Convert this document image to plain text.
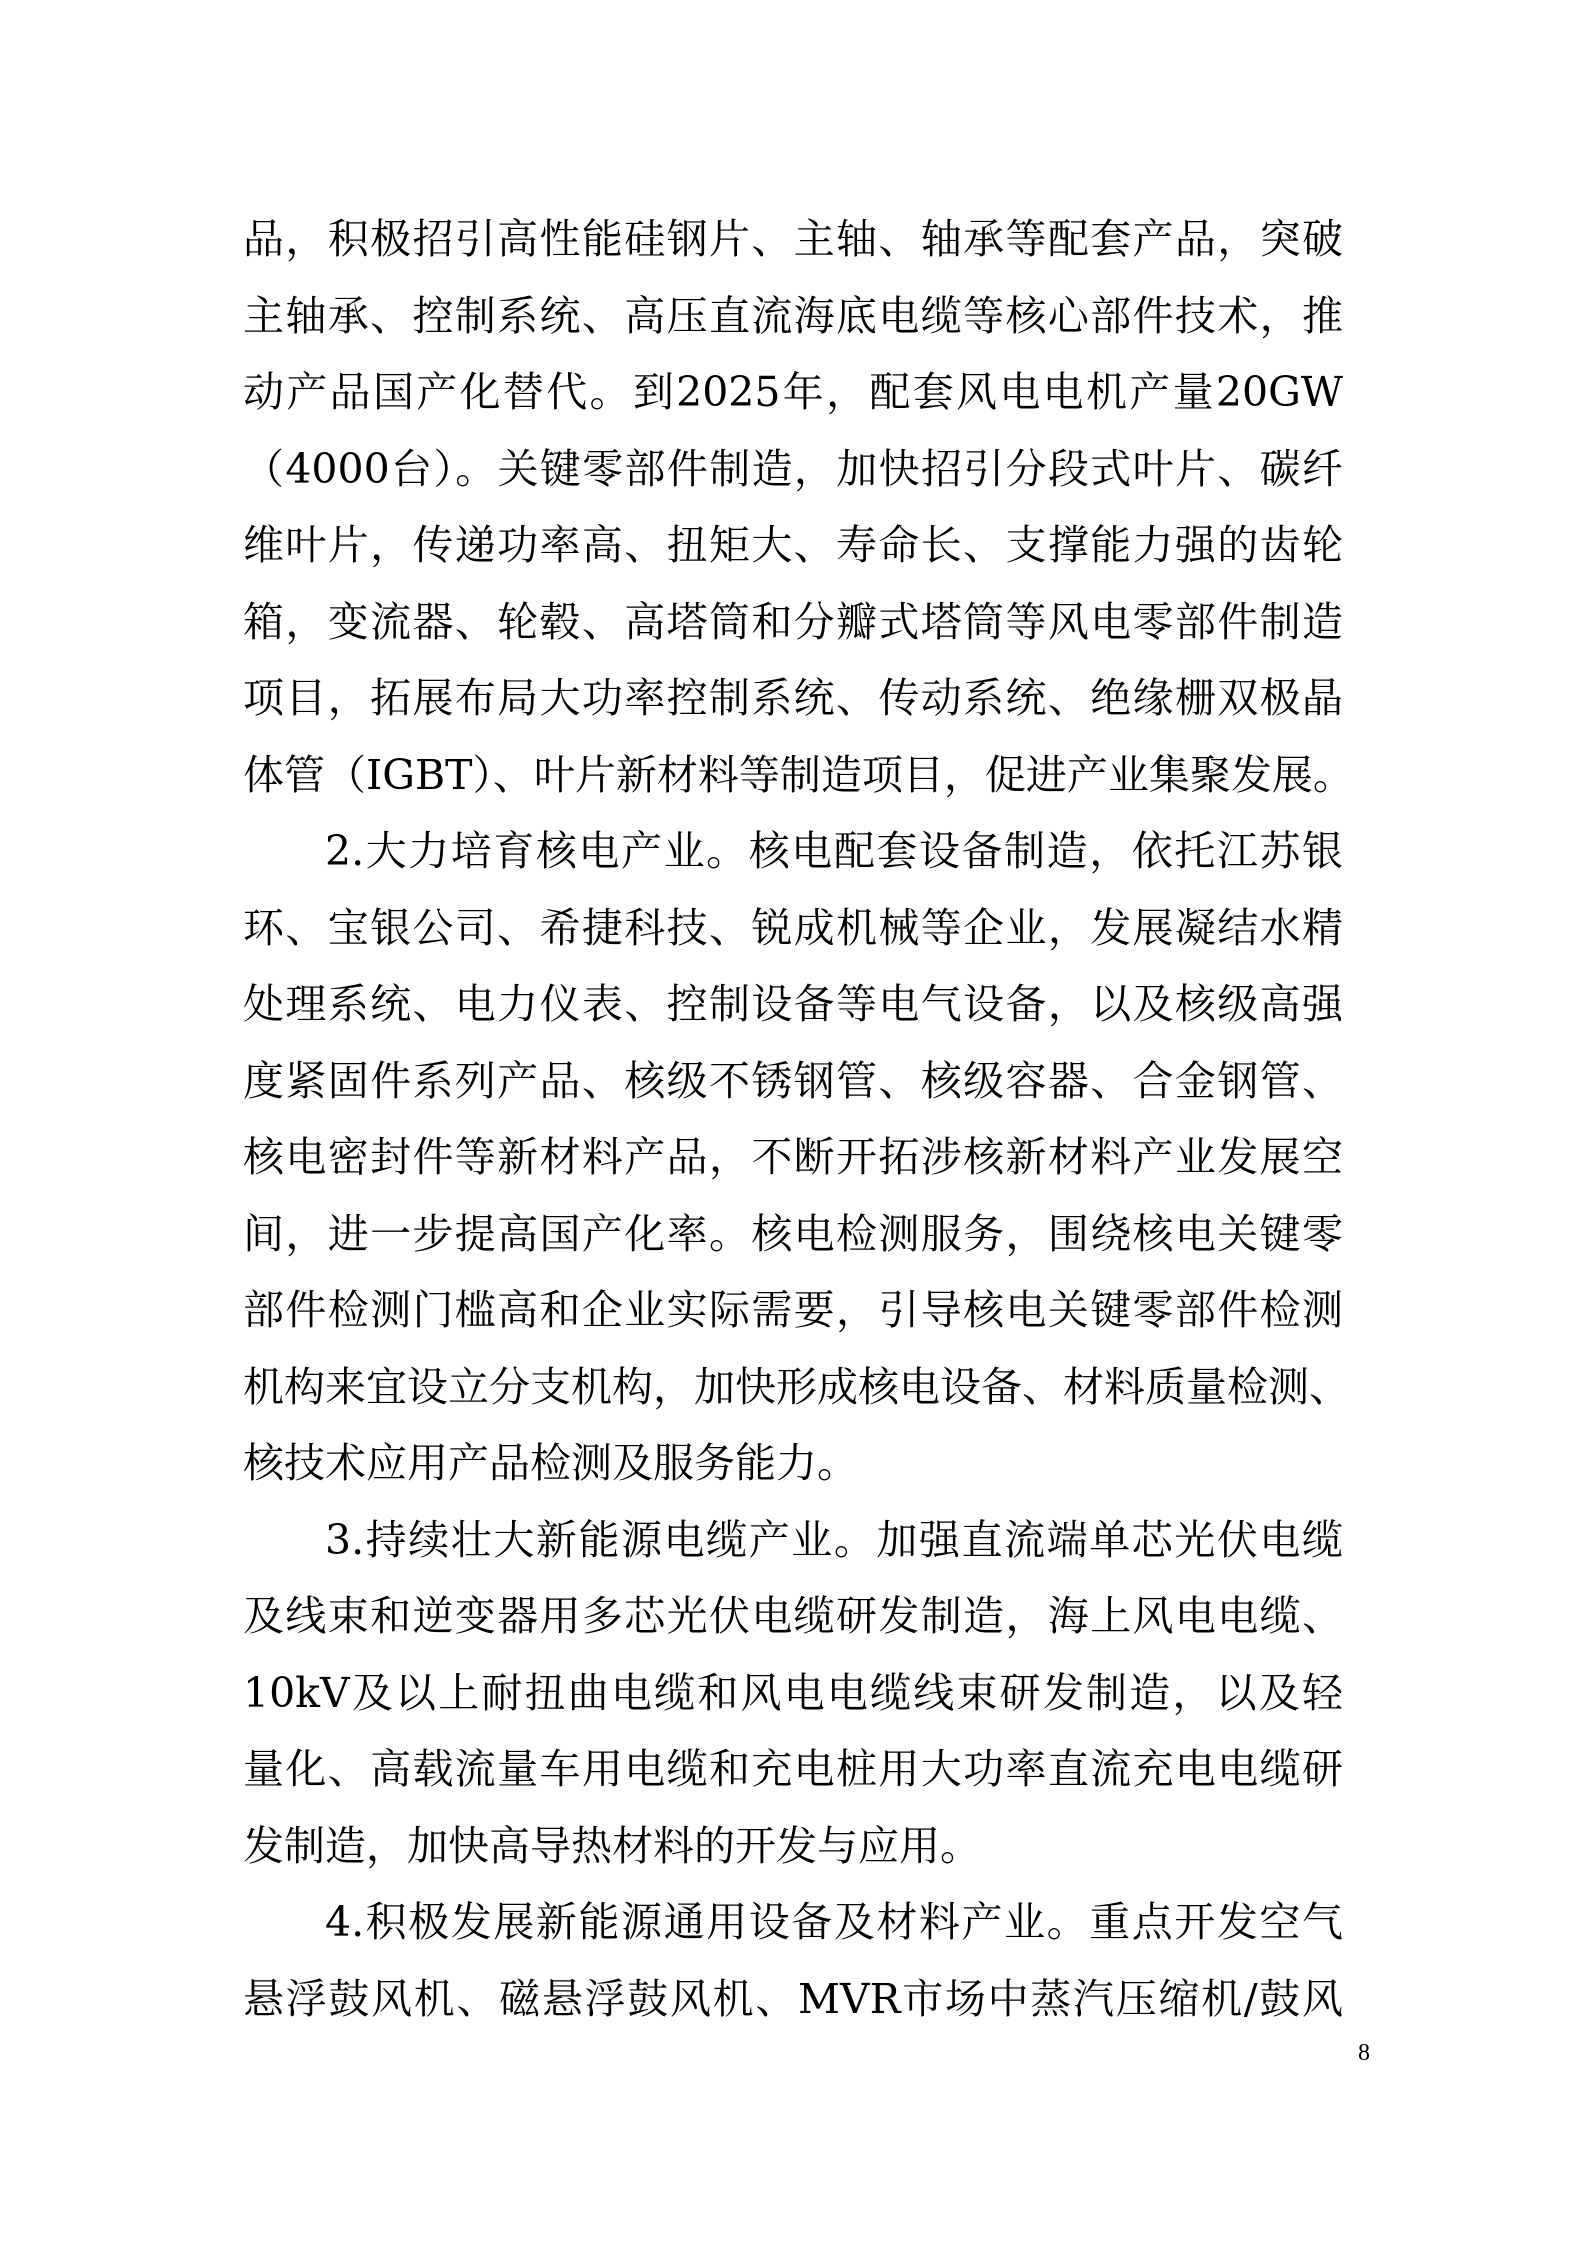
品，积极招引高性能硅钢片、主轴、轴承等配套产品，突破
主轴承、控制系统、高压直流海底电缆等核心部件技术，推
动产品国产化替代。到2025年，配套风电电机产量20GW
（4000台）。关键零部件制造，加快招引分段式叶片、碳纤
维叶片，传递功率高、扭矩大、寿命长、支撑能力强的齿轮
箱，变流器、轮毂、高塔筒和分瓣式塔筒等风电零部件制造
项目，拓展布局大功率控制系统、传动系统、绝缘栅双极晶
体管（IGBT）、叶片新材料等制造项目，促进产业集聚发展。
2.大力培育核电产业。核电配套设备制造，依托江苏银
环、宝银公司、希捷科技、锐成机械等企业，发展凝结水精
处理系统、电力仪表、控制设备等电气设备，以及核级高强
度紧固件系列产品、核级不锈钢管、核级容器、合金钢管、
核电密封件等新材料产品，不断开拓涉核新材料产业发展空
间，进一步提高国产化率。核电检测服务，围绕核电关键零
部件检测门槛高和企业实际需要，引导核电关键零部件检测
机构来宜设立分支机构，加快形成核电设备、材料质量检测、
核技术应用产品检测及服务能力。
3.持续壮大新能源电缆产业。加强直流端单芯光伏电缆
及线束和逆变器用多芯光伏电缆研发制造，海上风电电缆、
10kV及以上耐扭曲电缆和风电电缆线束研发制造，以及轻
量化、高载流量车用电缆和充电桩用大功率直流充电电缆研
发制造，加快高导热材料的开发与应用。
4.积极发展新能源通用设备及材料产业。重点开发空气
悬浮鼓风机、磁悬浮鼓风机、MVR市场中蒸汽压缩机/鼓风
8
